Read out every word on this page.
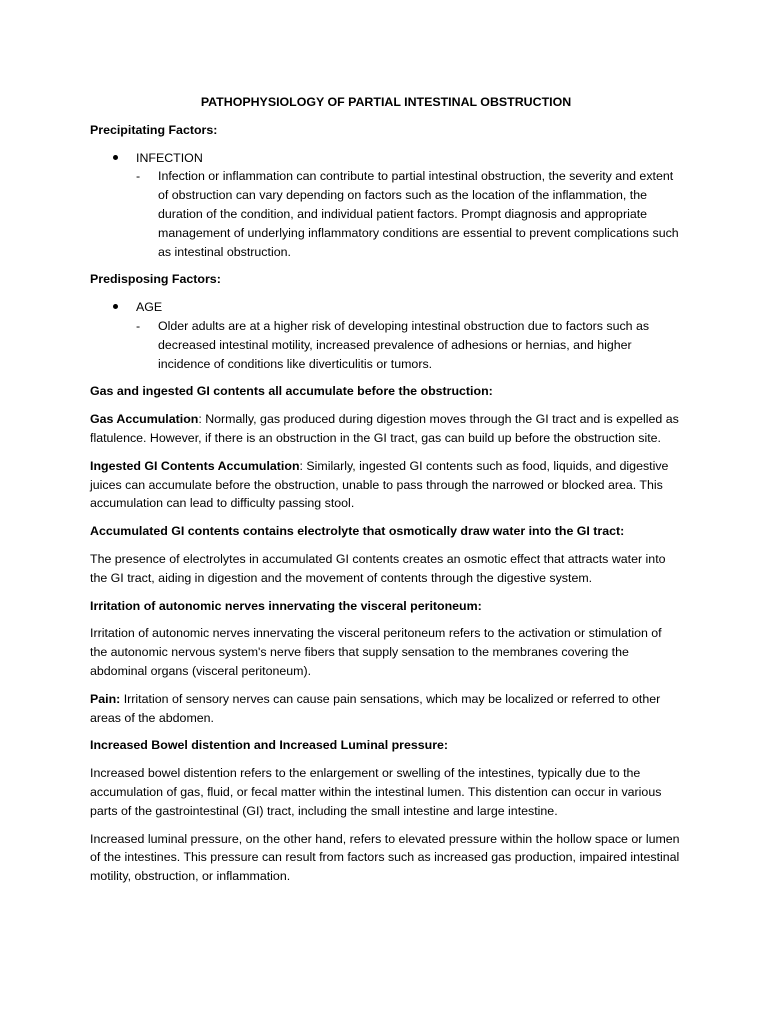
PATHOPHYSIOLOGY OF PARTIAL INTESTINAL OBSTRUCTION
Precipitating Factors:
INFECTION
- Infection or inflammation can contribute to partial intestinal obstruction, the severity and extent of obstruction can vary depending on factors such as the location of the inflammation, the duration of the condition, and individual patient factors. Prompt diagnosis and appropriate management of underlying inflammatory conditions are essential to prevent complications such as intestinal obstruction.
Predisposing Factors:
AGE
- Older adults are at a higher risk of developing intestinal obstruction due to factors such as decreased intestinal motility, increased prevalence of adhesions or hernias, and higher incidence of conditions like diverticulitis or tumors.
Gas and ingested GI contents all accumulate before the obstruction:
Gas Accumulation: Normally, gas produced during digestion moves through the GI tract and is expelled as flatulence. However, if there is an obstruction in the GI tract, gas can build up before the obstruction site.
Ingested GI Contents Accumulation: Similarly, ingested GI contents such as food, liquids, and digestive juices can accumulate before the obstruction, unable to pass through the narrowed or blocked area. This accumulation can lead to difficulty passing stool.
Accumulated GI contents contains electrolyte that osmotically draw water into the GI tract:
The presence of electrolytes in accumulated GI contents creates an osmotic effect that attracts water into the GI tract, aiding in digestion and the movement of contents through the digestive system.
Irritation of autonomic nerves innervating the visceral peritoneum:
Irritation of autonomic nerves innervating the visceral peritoneum refers to the activation or stimulation of the autonomic nervous system's nerve fibers that supply sensation to the membranes covering the abdominal organs (visceral peritoneum).
Pain: Irritation of sensory nerves can cause pain sensations, which may be localized or referred to other areas of the abdomen.
Increased Bowel distention and Increased Luminal pressure:
Increased bowel distention refers to the enlargement or swelling of the intestines, typically due to the accumulation of gas, fluid, or fecal matter within the intestinal lumen. This distention can occur in various parts of the gastrointestinal (GI) tract, including the small intestine and large intestine.
Increased luminal pressure, on the other hand, refers to elevated pressure within the hollow space or lumen of the intestines. This pressure can result from factors such as increased gas production, impaired intestinal motility, obstruction, or inflammation.
